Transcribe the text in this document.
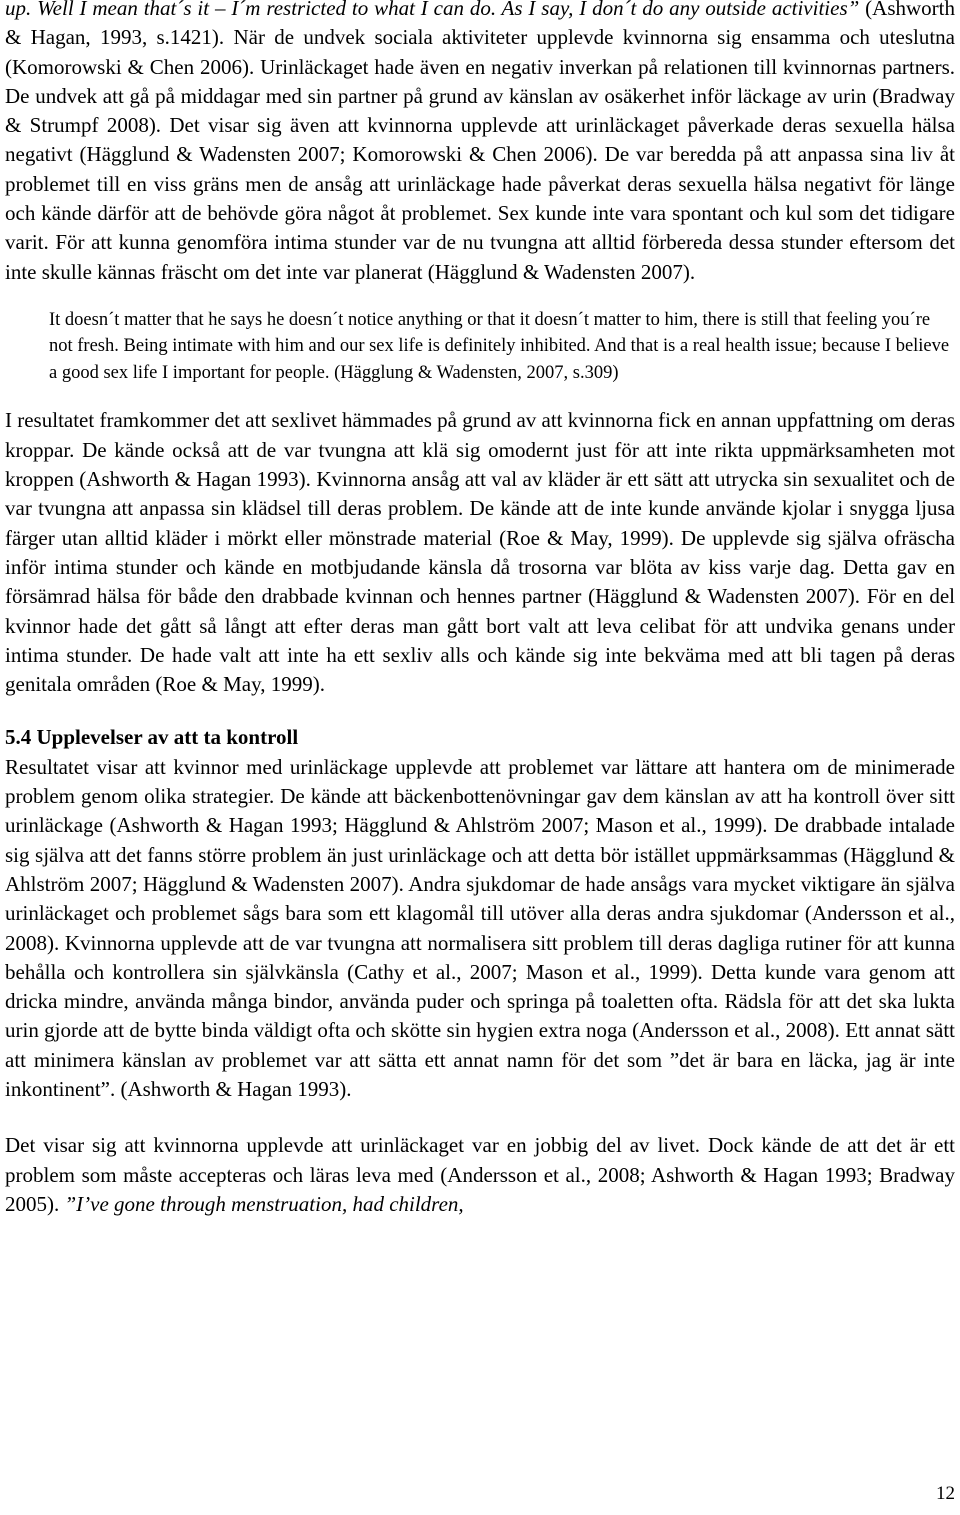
up. Well I mean that´s it – I´m restricted to what I can do. As I say, I don´t do any outside activities” (Ashworth & Hagan, 1993, s.1421). När de undvek sociala aktiviteter upplevde kvinnorna sig ensamma och uteslutna (Komorowski & Chen 2006). Urinläckaget hade även en negativ inverkan på relationen till kvinnornas partners. De undvek att gå på middagar med sin partner på grund av känslan av osäkerhet inför läckage av urin (Bradway & Strumpf 2008). Det visar sig även att kvinnorna upplevde att urinläckaget påverkade deras sexuella hälsa negativt (Hägglund & Wadensten 2007; Komorowski & Chen 2006). De var beredda på att anpassa sina liv åt problemet till en viss gräns men de ansåg att urinläckage hade påverkat deras sexuella hälsa negativt för länge och kände därför att de behövde göra något åt problemet. Sex kunde inte vara spontant och kul som det tidigare varit. För att kunna genomföra intima stunder var de nu tvungna att alltid förbereda dessa stunder eftersom det inte skulle kännas fräscht om det inte var planerat (Hägglund & Wadensten 2007).

It doesn´t matter that he says he doesn´t notice anything or that it doesn´t matter to him, there is still that feeling you´re not fresh. Being intimate with him and our sex life is definitely inhibited. And that is a real health issue; because I believe a good sex life I important for people. (Hägglung & Wadensten, 2007, s.309)

I resultatet framkommer det att sexlivet hämmades på grund av att kvinnorna fick en annan uppfattning om deras kroppar. De kände också att de var tvungna att klä sig omodernt just för att inte rikta uppmärksamheten mot kroppen (Ashworth & Hagan 1993). Kvinnorna ansåg att val av kläder är ett sätt att utrycka sin sexualitet och de var tvungna att anpassa sin klädsel till deras problem. De kände att de inte kunde använde kjolar i snygga ljusa färger utan alltid kläder i mörkt eller mönstrade material (Roe & May, 1999). De upplevde sig själva ofräscha inför intima stunder och kände en motbjudande känsla då trosorna var blöta av kiss varje dag. Detta gav en försämrad hälsa för både den drabbade kvinnan och hennes partner (Hägglund & Wadensten 2007). För en del kvinnor hade det gått så långt att efter deras man gått bort valt att leva celibat för att undvika genans under intima stunder. De hade valt att inte ha ett sexliv alls och kände sig inte bekväma med att bli tagen på deras genitala områden (Roe & May, 1999).

5.4 Upplevelser av att ta kontroll

Resultatet visar att kvinnor med urinläckage upplevde att problemet var lättare att hantera om de minimerade problem genom olika strategier. De kände att bäckenbottenövningar gav dem känslan av att ha kontroll över sitt urinläckage (Ashworth & Hagan 1993; Hägglund & Ahlström 2007; Mason et al., 1999). De drabbade intalade sig själva att det fanns större problem än just urinläckage och att detta bör istället uppmärksammas (Hägglund & Ahlström 2007; Hägglund & Wadensten 2007). Andra sjukdomar de hade ansågs vara mycket viktigare än själva urinläckaget och problemet sågs bara som ett klagomål till utöver alla deras andra sjukdomar (Andersson et al., 2008). Kvinnorna upplevde att de var tvungna att normalisera sitt problem till deras dagliga rutiner för att kunna behålla och kontrollera sin självkänsla (Cathy et al., 2007; Mason et al., 1999). Detta kunde vara genom att dricka mindre, använda många bindor, använda puder och springa på toaletten ofta. Rädsla för att det ska lukta urin gjorde att de bytte binda väldigt ofta och skötte sin hygien extra noga (Andersson et al., 2008). Ett annat sätt att minimera känslan av problemet var att sätta ett annat namn för det som ”det är bara en läcka, jag är inte inkontinent”. (Ashworth & Hagan 1993).

Det visar sig att kvinnorna upplevde att urinläckaget var en jobbig del av livet. Dock kände de att det är ett problem som måste accepteras och läras leva med (Andersson et al., 2008; Ashworth & Hagan 1993; Bradway 2005). ”I’ve gone through menstruation, had children,

12
